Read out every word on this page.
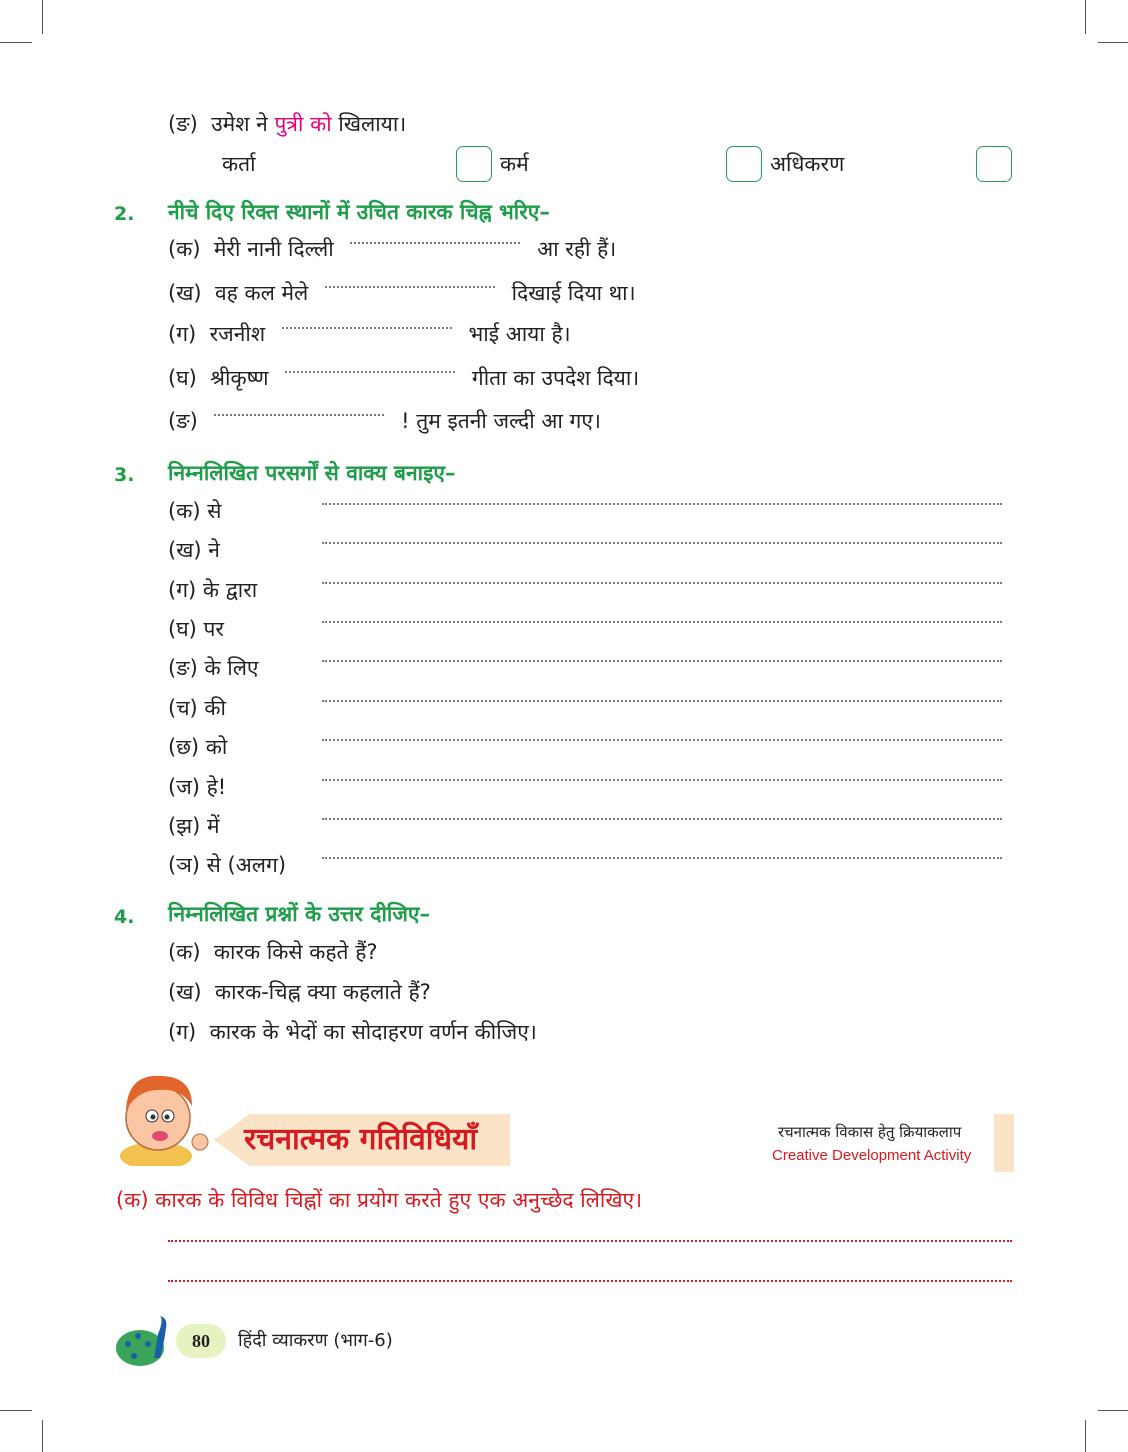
(ङ) उमेश ने पुत्री को खिलाया।
कर्ता	कर्म	अधिकरण
2. नीचे दिए रिक्त स्थानों में उचित कारक चिह्न भरिए–
(क) मेरी नानी दिल्ली	आ रही हैं।
(ख) वह कल मेले	दिखाई दिया था।
(ग) रजनीश	भाई आया है।
(घ) श्रीकृष्ण	गीता का उपदेश दिया।
(ङ)	! तुम इतनी जल्दी आ गए।
3. निम्नलिखित परसर्गों से वाक्य बनाइए–
(क) से
(ख) ने
(ग) के द्वारा
(घ) पर
(ङ) के लिए
(च) की
(छ) को
(ज) हे!
(झ) में
(ञ) से (अलग)
4. निम्नलिखित प्रश्नों के उत्तर दीजिए–
(क) कारक किसे कहते हैं?
(ख) कारक-चिह्न क्या कहलाते हैं?
(ग) कारक के भेदों का सोदाहरण वर्णन कीजिए।
रचनात्मक गतिविधियाँ	रचनात्मक विकास हेतु क्रियाकलाप
Creative Development Activity
(क) कारक के विविध चिह्नों का प्रयोग करते हुए एक अनुच्छेद लिखिए।
80	हिंदी व्याकरण (भाग-6)
